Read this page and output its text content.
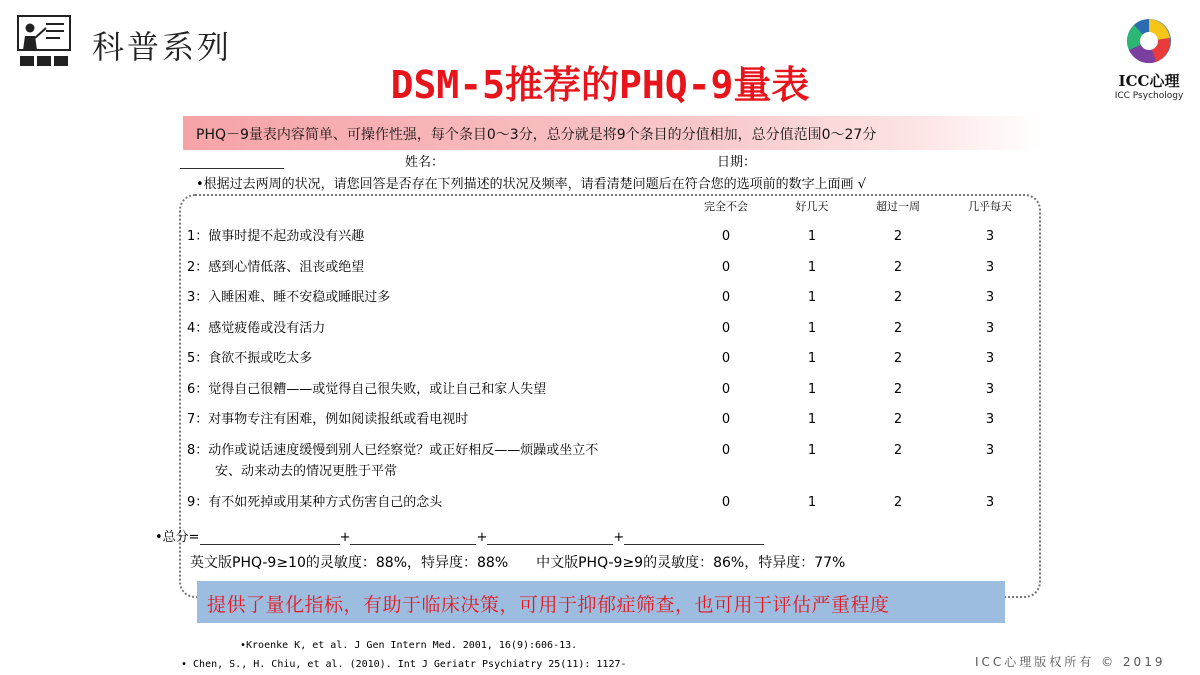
科普系列
DSM-5推荐的PHQ-9量表	ICC心理
ICC Psychology
PHQ－9量表内容简单、可操作性强，每个条目0～3分，总分就是将9个条目的分值相加，总分值范围0～27分
姓名：	日期：
•根据过去两周的状况，请您回答是否存在下列描述的状况及频率，请看清楚问题后在符合您的选项前的数字上面画 √
完全不会	好几天	超过一周	几乎每天
1：做事时提不起劲或没有兴趣	0	1	2	3
2：感到心情低落、沮丧或绝望	0	1	2	3
3：入睡困难、睡不安稳或睡眠过多	0	1	2	3
4：感觉疲倦或没有活力	0	1	2	3
5：食欲不振或吃太多	0	1	2	3
6：觉得自己很糟——或觉得自己很失败，或让自己和家人失望	0	1	2	3
7：对事物专注有困难，例如阅读报纸或看电视时	0	1	2	3
8：动作或说话速度缓慢到别人已经察觉？或正好相反——烦躁或坐立不
安、动来动去的情况更胜于平常
0	1	2	3
9：有不如死掉或用某种方式伤害自己的念头	0	1	2	3
•总分=	+	+	+
英文版PHQ-9≥10的灵敏度：88%，特异度：88%　　中文版PHQ-9≥9的灵敏度：86%，特异度：77%
提供了量化指标，有助于临床决策，可用于抑郁症筛查，也可用于评估严重程度
•Kroenke K, et al. J Gen Intern Med. 2001, 16(9):606-13.
• Chen, S., H. Chiu, et al. (2010). Int J Geriatr Psychiatry 25(11): 1127-	ICC心理版权所有 © 2019
